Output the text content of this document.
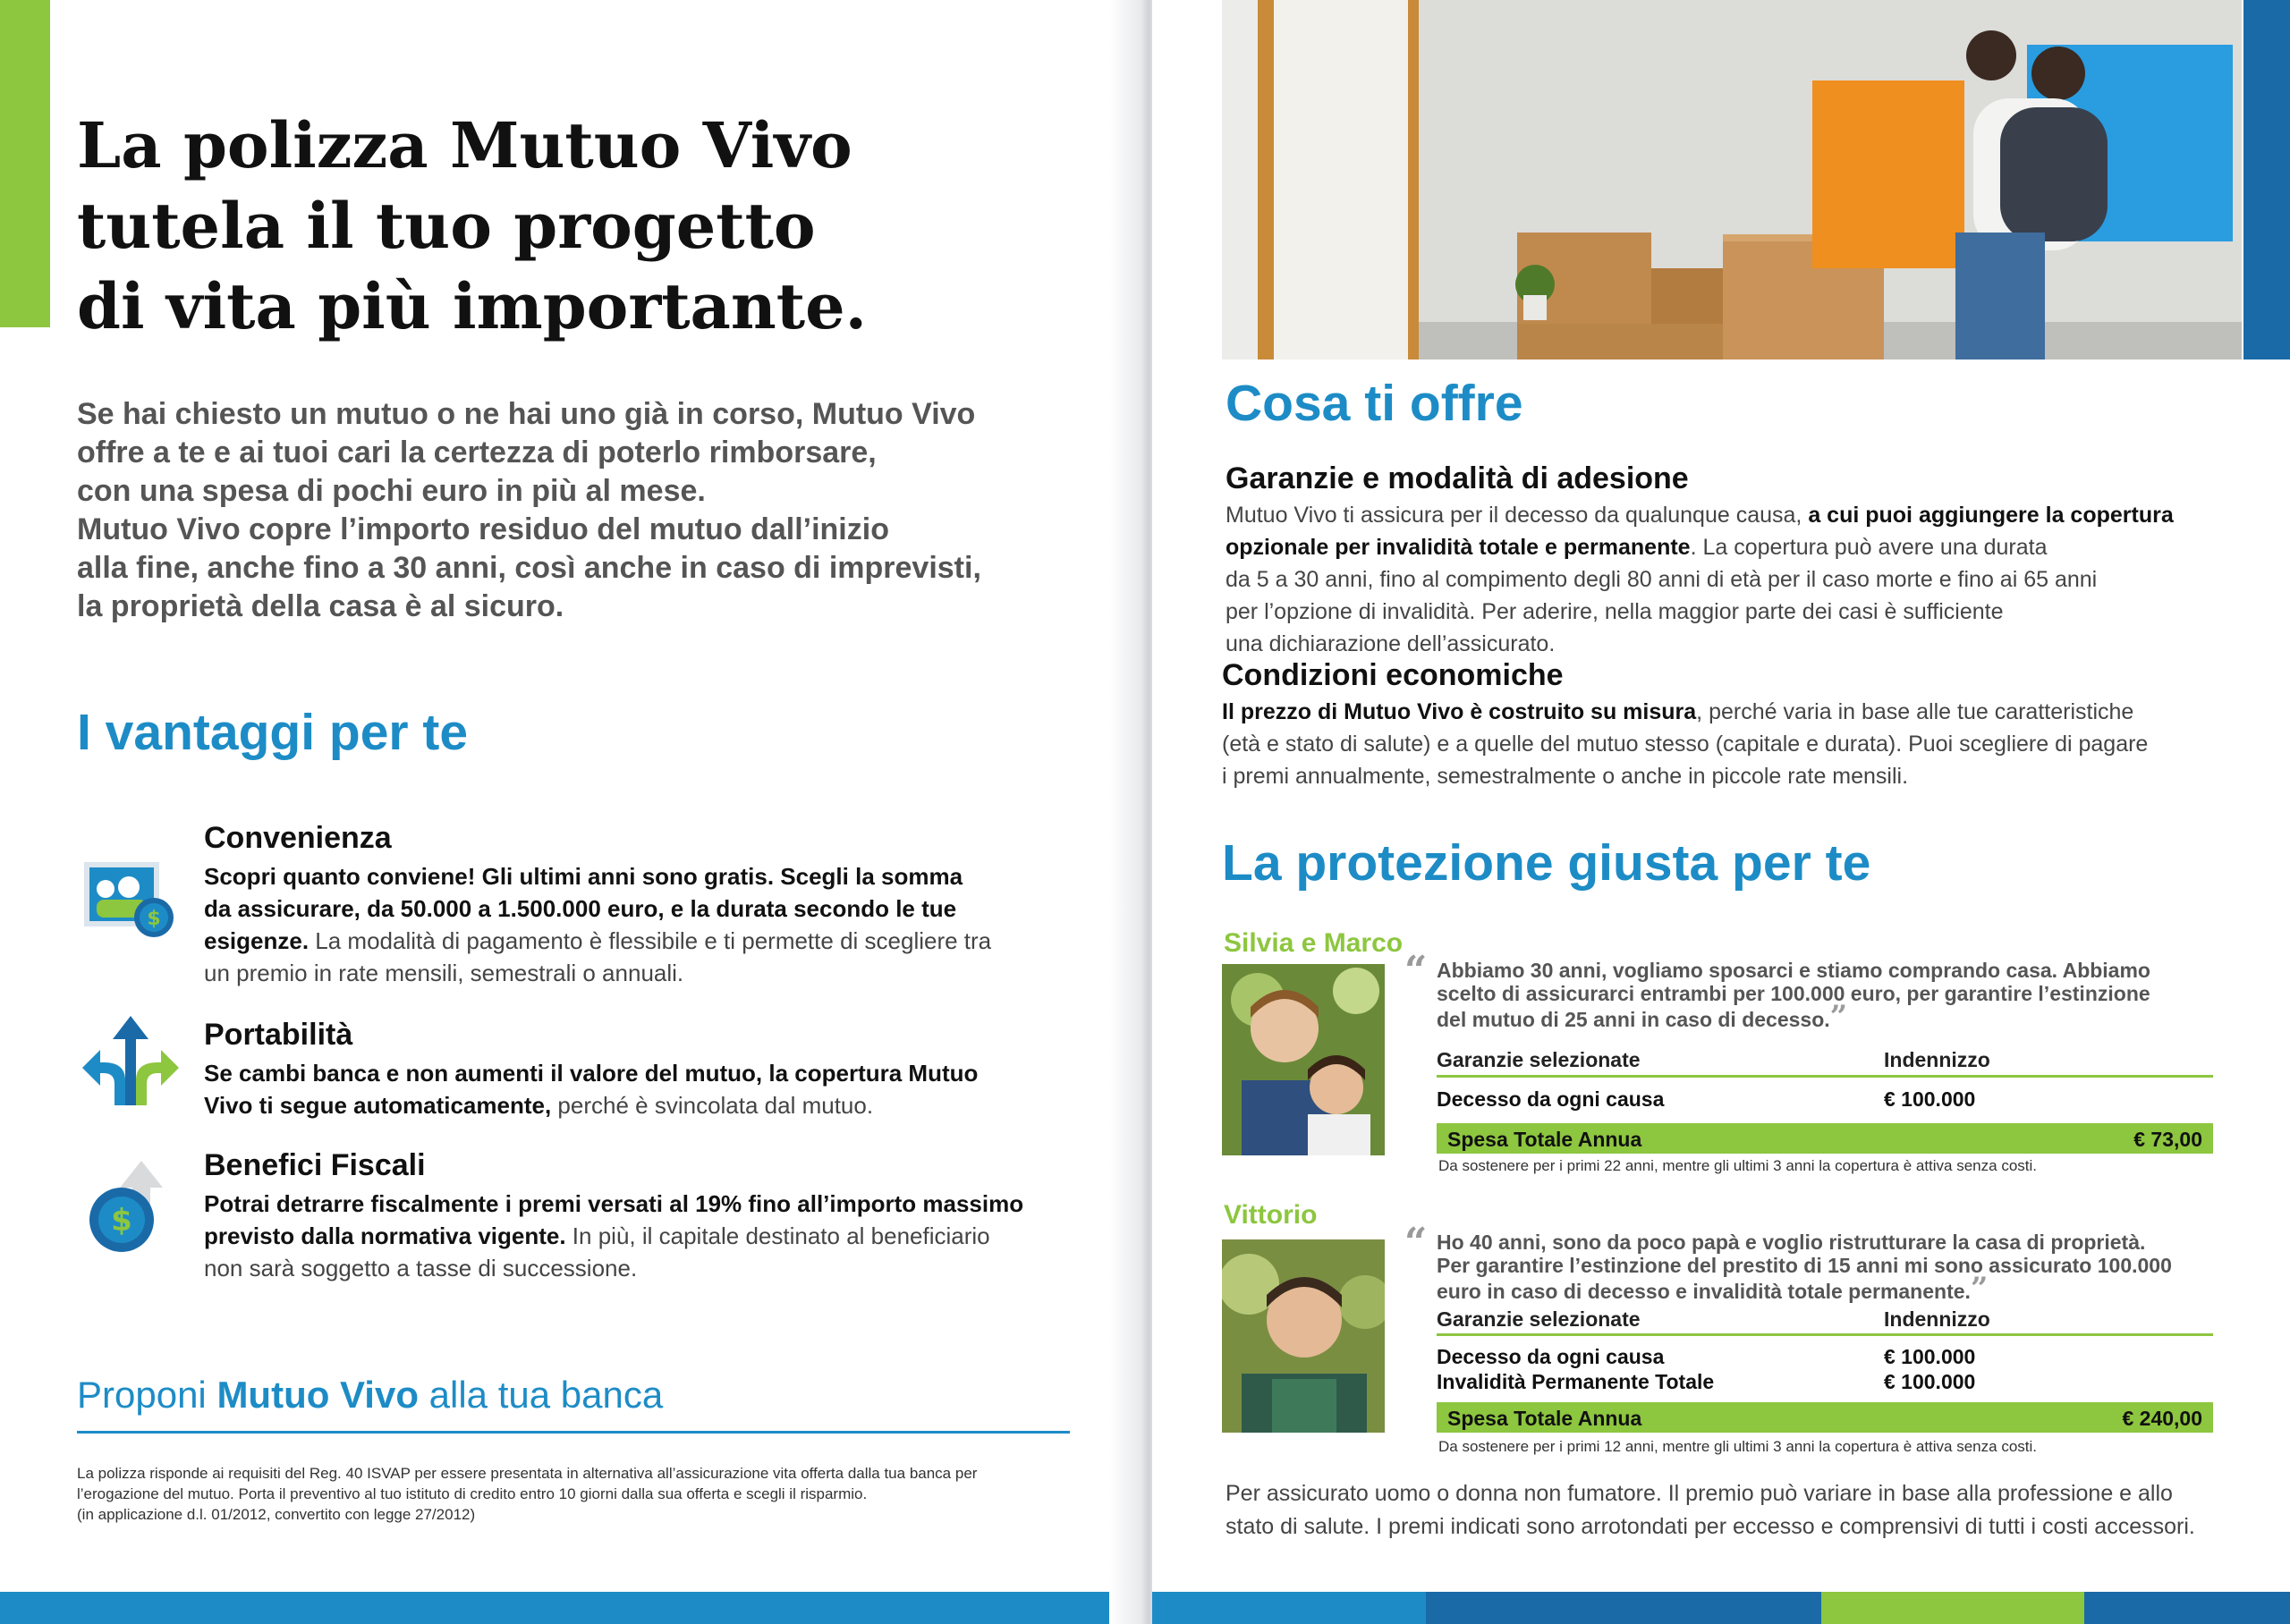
La polizza Mutuo Vivo
tutela il tuo progetto
di vita più importante.
Se hai chiesto un mutuo o ne hai uno già in corso, Mutuo Vivo
offre a te e ai tuoi cari la certezza di poterlo rimborsare,
con una spesa di pochi euro in più al mese.
Mutuo Vivo copre l’importo residuo del mutuo dall’inizio
alla fine, anche fino a 30 anni, così anche in caso di imprevisti,
la proprietà della casa è al sicuro.
I vantaggi per te
$
Convenienza
Scopri quanto conviene! Gli ultimi anni sono gratis. Scegli la somma
da assicurare, da 50.000 a 1.500.000 euro, e la durata secondo le tue
esigenze. La modalità di pagamento è flessibile e ti permette di scegliere tra
un premio in rate mensili, semestrali o annuali.
Portabilità
Se cambi banca e non aumenti il valore del mutuo, la copertura Mutuo
Vivo ti segue automaticamente, perché è svincolata dal mutuo.
$
Benefici Fiscali
Potrai detrarre fiscalmente i premi versati al 19% fino all’importo massimo
previsto dalla normativa vigente. In più, il capitale destinato al beneficiario
non sarà soggetto a tasse di successione.
Proponi Mutuo Vivo alla tua banca
La polizza risponde ai requisiti del Reg. 40 ISVAP per essere presentata in alternativa all’assicurazione vita offerta dalla tua banca per
l’erogazione del mutuo. Porta il preventivo al tuo istituto di credito entro 10 giorni dalla sua offerta e scegli il risparmio.
(in applicazione d.l. 01/2012, convertito con legge 27/2012)
Cosa ti offre
Garanzie e modalità di adesione
Mutuo Vivo ti assicura per il decesso da qualunque causa, a cui puoi aggiungere la copertura
opzionale per invalidità totale e permanente. La copertura può avere una durata
da 5 a 30 anni, fino al compimento degli 80 anni di età per il caso morte e fino ai 65 anni
per l’opzione di invalidità. Per aderire, nella maggior parte dei casi è sufficiente
una dichiarazione dell’assicurato.
Condizioni economiche
Il prezzo di Mutuo Vivo è costruito su misura, perché varia in base alle tue caratteristiche
(età e stato di salute) e a quelle del mutuo stesso (capitale e durata). Puoi scegliere di pagare
i premi annualmente, semestralmente o anche in piccole rate mensili.
La protezione giusta per te
Silvia e Marco
“ Abbiamo 30 anni, vogliamo sposarci e stiamo comprando casa. Abbiamo
scelto di assicurarci entrambi per 100.000 euro, per garantire l’estinzione
del mutuo di 25 anni in caso di decesso.”
Garanzie selezionate	Indennizzo
Decesso da ogni causa	€ 100.000
Spesa Totale Annua	€ 73,00
Da sostenere per i primi 22 anni, mentre gli ultimi 3 anni la copertura è attiva senza costi.
Vittorio
“ Ho 40 anni, sono da poco papà e voglio ristrutturare la casa di proprietà.
Per garantire l’estinzione del prestito di 15 anni mi sono assicurato 100.000
euro in caso di decesso e invalidità totale permanente.”
Garanzie selezionate	Indennizzo
Decesso da ogni causa	€ 100.000
Invalidità Permanente Totale	€ 100.000
Spesa Totale Annua	€ 240,00
Da sostenere per i primi 12 anni, mentre gli ultimi 3 anni la copertura è attiva senza costi.
Per assicurato uomo o donna non fumatore. Il premio può variare in base alla professione e allo
stato di salute. I premi indicati sono arrotondati per eccesso e comprensivi di tutti i costi accessori.
